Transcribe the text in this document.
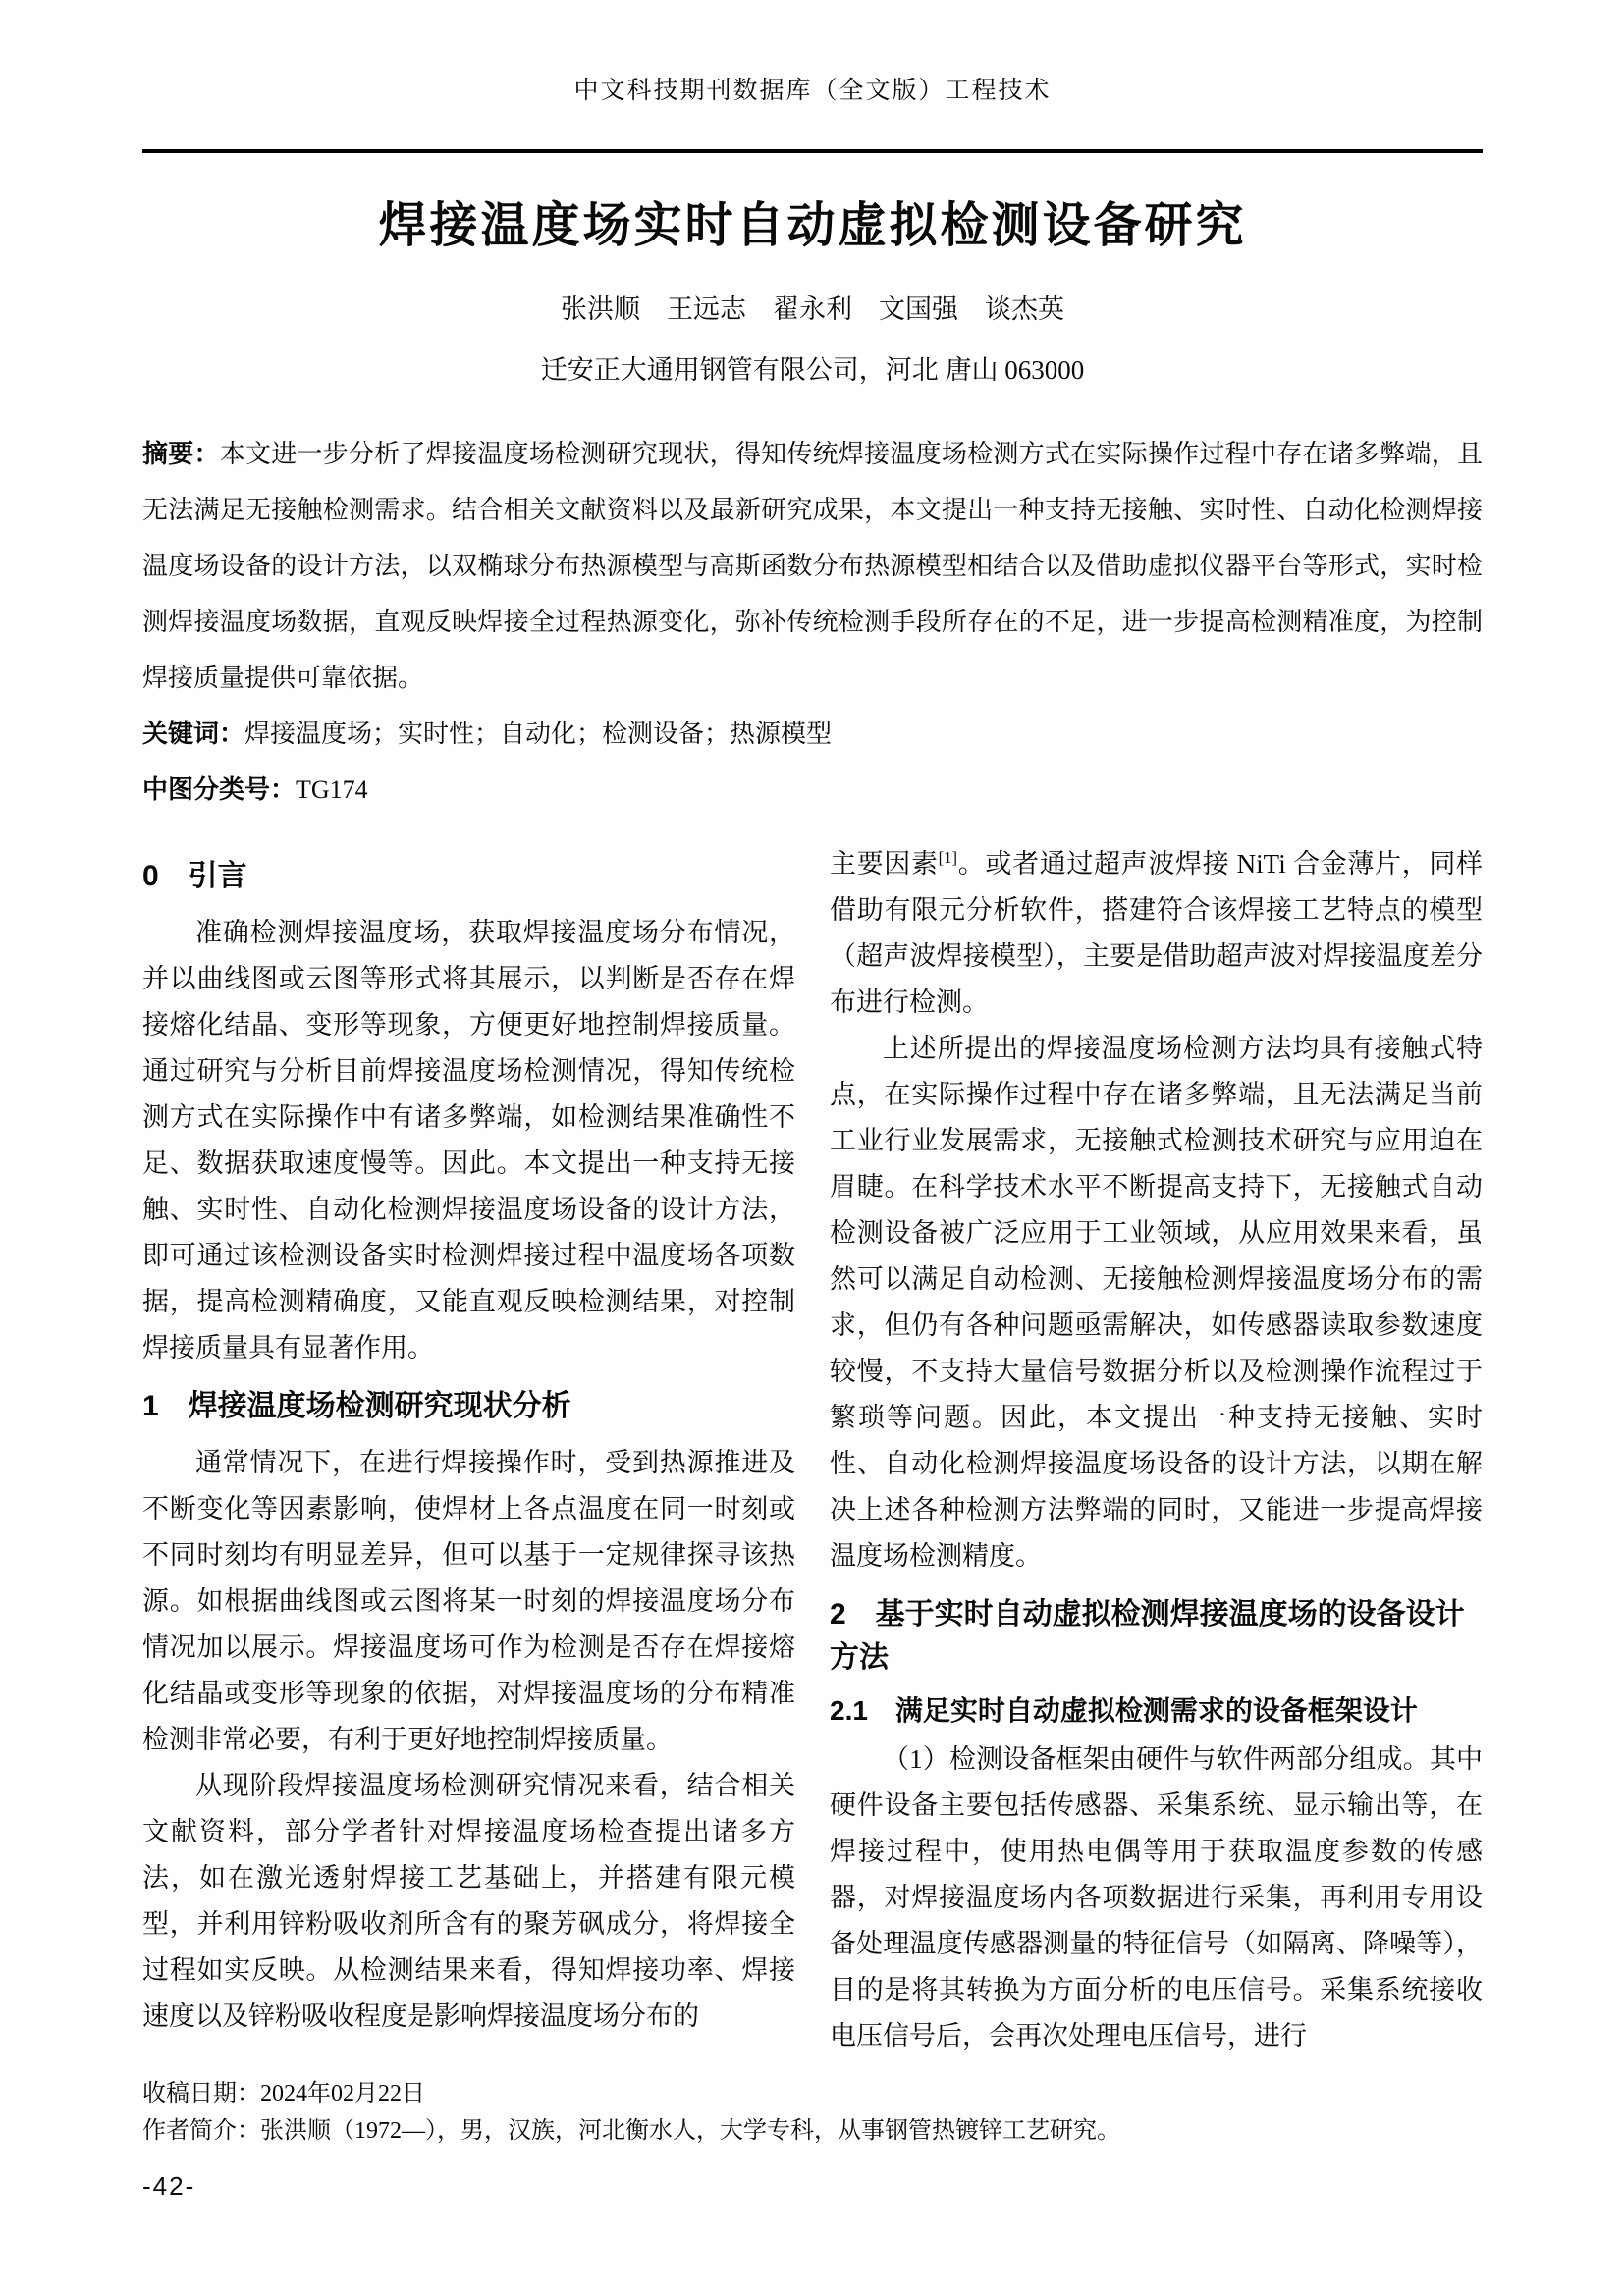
中文科技期刊数据库（全文版）工程技术
焊接温度场实时自动虚拟检测设备研究
张洪顺　王远志　翟永利　文国强　谈杰英
迁安正大通用钢管有限公司，河北 唐山 063000

摘要：本文进一步分析了焊接温度场检测研究现状，得知传统焊接温度场检测方式在实际操作过程中存在诸多弊端，且无法满足无接触检测需求。结合相关文献资料以及最新研究成果，本文提出一种支持无接触、实时性、自动化检测焊接温度场设备的设计方法，以双椭球分布热源模型与高斯函数分布热源模型相结合以及借助虚拟仪器平台等形式，实时检测焊接温度场数据，直观反映焊接全过程热源变化，弥补传统检测手段所存在的不足，进一步提高检测精准度，为控制焊接质量提供可靠依据。

关键词：焊接温度场；实时性；自动化；检测设备；热源模型

中图分类号：TG174

0　引言

准确检测焊接温度场，获取焊接温度场分布情况，并以曲线图或云图等形式将其展示，以判断是否存在焊接熔化结晶、变形等现象，方便更好地控制焊接质量。通过研究与分析目前焊接温度场检测情况，得知传统检测方式在实际操作中有诸多弊端，如检测结果准确性不足、数据获取速度慢等。因此。本文提出一种支持无接触、实时性、自动化检测焊接温度场设备的设计方法，即可通过该检测设备实时检测焊接过程中温度场各项数据，提高检测精确度，又能直观反映检测结果，对控制焊接质量具有显著作用。

1　焊接温度场检测研究现状分析

通常情况下，在进行焊接操作时，受到热源推进及不断变化等因素影响，使焊材上各点温度在同一时刻或不同时刻均有明显差异，但可以基于一定规律探寻该热源。如根据曲线图或云图将某一时刻的焊接温度场分布情况加以展示。焊接温度场可作为检测是否存在焊接熔化结晶或变形等现象的依据，对焊接温度场的分布精准检测非常必要，有利于更好地控制焊接质量。

从现阶段焊接温度场检测研究情况来看，结合相关文献资料，部分学者针对焊接温度场检查提出诸多方法，如在激光透射焊接工艺基础上，并搭建有限元模型，并利用锌粉吸收剂所含有的聚芳砜成分，将焊接全过程如实反映。从检测结果来看，得知焊接功率、焊接速度以及锌粉吸收程度是影响焊接温度场分布的

主要因素[1]。或者通过超声波焊接 NiTi 合金薄片，同样借助有限元分析软件，搭建符合该焊接工艺特点的模型（超声波焊接模型），主要是借助超声波对焊接温度差分布进行检测。

上述所提出的焊接温度场检测方法均具有接触式特点，在实际操作过程中存在诸多弊端，且无法满足当前工业行业发展需求，无接触式检测技术研究与应用迫在眉睫。在科学技术水平不断提高支持下，无接触式自动检测设备被广泛应用于工业领域，从应用效果来看，虽然可以满足自动检测、无接触检测焊接温度场分布的需求，但仍有各种问题亟需解决，如传感器读取参数速度较慢，不支持大量信号数据分析以及检测操作流程过于繁琐等问题。因此，本文提出一种支持无接触、实时性、自动化检测焊接温度场设备的设计方法，以期在解决上述各种检测方法弊端的同时，又能进一步提高焊接温度场检测精度。

2　基于实时自动虚拟检测焊接温度场的设备设计方法
2.1　满足实时自动虚拟检测需求的设备框架设计

（1）检测设备框架由硬件与软件两部分组成。其中硬件设备主要包括传感器、采集系统、显示输出等，在焊接过程中，使用热电偶等用于获取温度参数的传感器，对焊接温度场内各项数据进行采集，再利用专用设备处理温度传感器测量的特征信号（如隔离、降噪等），目的是将其转换为方面分析的电压信号。采集系统接收电压信号后，会再次处理电压信号，进行

收稿日期：2024年02月22日

作者简介：张洪顺（1972—），男，汉族，河北衡水人，大学专科，从事钢管热镀锌工艺研究。

-42-
